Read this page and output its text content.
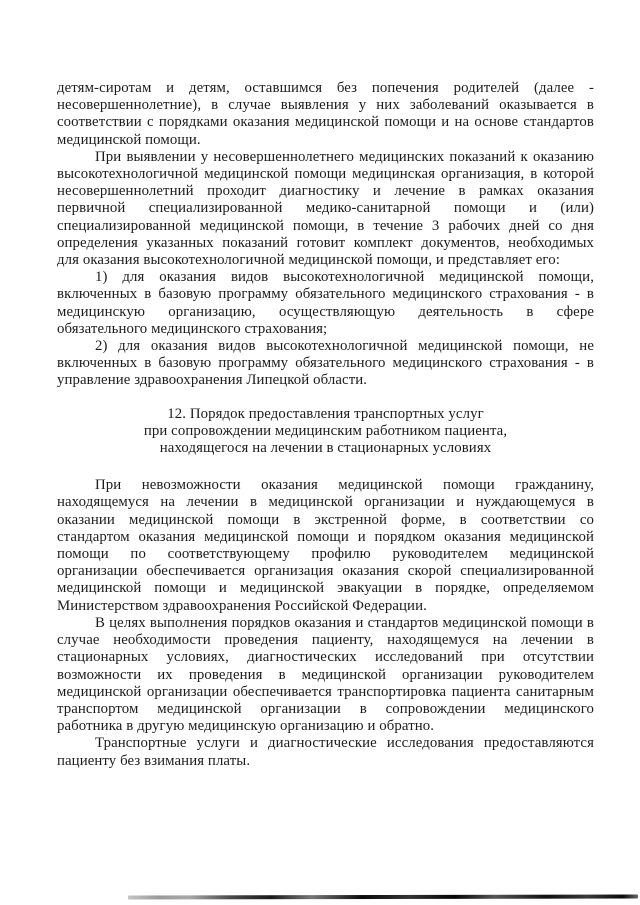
детям-сиротам и детям, оставшимся без попечения родителей (далее -
несовершеннолетние), в случае выявления у них заболеваний оказывается в
соответствии с порядками оказания медицинской помощи и на основе стандартов
медицинской помощи.
При выявлении у несовершеннолетнего медицинских показаний к оказанию
высокотехнологичной медицинской помощи медицинская организация, в которой
несовершеннолетний проходит диагностику и лечение в рамках оказания
первичной специализированной медико-санитарной помощи и (или)
специализированной медицинской помощи, в течение 3 рабочих дней со дня
определения указанных показаний готовит комплект документов, необходимых
для оказания высокотехнологичной медицинской помощи, и представляет его:
1) для оказания видов высокотехнологичной медицинской помощи,
включенных в базовую программу обязательного медицинского страхования - в
медицинскую организацию, осуществляющую деятельность в сфере
обязательного медицинского страхования;
2) для оказания видов высокотехнологичной медицинской помощи, не
включенных в базовую программу обязательного медицинского страхования - в
управление здравоохранения Липецкой области.
12. Порядок предоставления транспортных услуг
при сопровождении медицинским работником пациента,
находящегося на лечении в стационарных условиях
При невозможности оказания медицинской помощи гражданину,
находящемуся на лечении в медицинской организации и нуждающемуся в
оказании медицинской помощи в экстренной форме, в соответствии со
стандартом оказания медицинской помощи и порядком оказания медицинской
помощи по соответствующему профилю руководителем медицинской
организации обеспечивается организация оказания скорой специализированной
медицинской помощи и медицинской эвакуации в порядке, определяемом
Министерством здравоохранения Российской Федерации.
В целях выполнения порядков оказания и стандартов медицинской помощи в
случае необходимости проведения пациенту, находящемуся на лечении в
стационарных условиях, диагностических исследований при отсутствии
возможности их проведения в медицинской организации руководителем
медицинской организации обеспечивается транспортировка пациента санитарным
транспортом медицинской организации в сопровождении медицинского
работника в другую медицинскую организацию и обратно.
Транспортные услуги и диагностические исследования предоставляются
пациенту без взимания платы.
